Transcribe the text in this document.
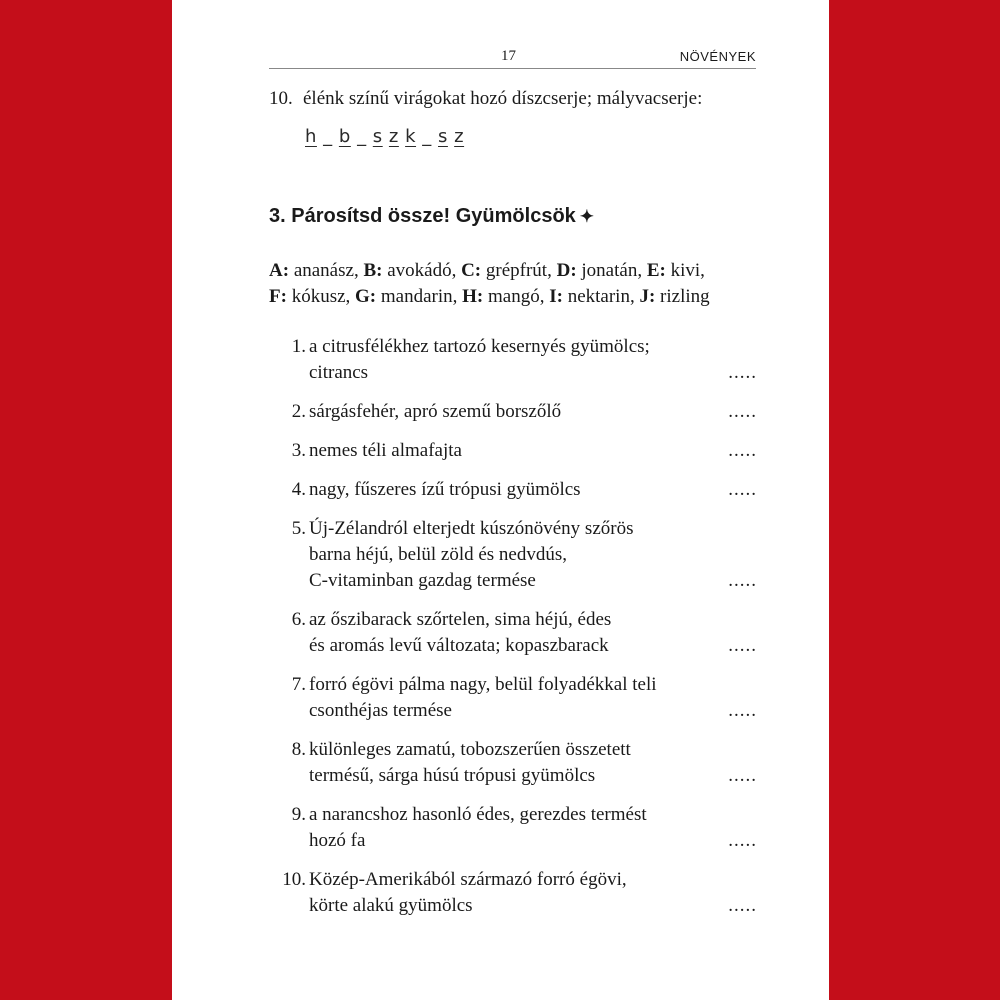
17	NÖVÉNYEK
10. élénk színű virágokat hozó díszcserje; mályvacserje:
h _ b _ s z k _ s z
3. Párosítsd össze! Gyümölcsök ✦
A: ananász, B: avokádó, C: grépfrút, D: jonatán, E: kivi,
F: kókusz, G: mandarin, H: mangó, I: nektarin, J: rizling
1. a citrusfélékhez tartozó kesernyés gyümölcs;
citrancs	.....
2. sárgásfehér, apró szemű borszőlő	.....
3. nemes téli almafajta	.....
4. nagy, fűszeres ízű trópusi gyümölcs	.....
5. Új-Zélandról elterjedt kúszónövény szőrös
barna héjú, belül zöld és nedvdús,
C-vitaminban gazdag termése	.....
6. az őszibarack szőrtelen, sima héjú, édes
és aromás levű változata; kopaszbarack	.....
7. forró égövi pálma nagy, belül folyadékkal teli
csonthéjas termése	.....
8. különleges zamatú, tobozszerűen összetett
termésű, sárga húsú trópusi gyümölcs	.....
9. a narancshoz hasonló édes, gerezdes termést
hozó fa	.....
10. Közép-Amerikából származó forró égövi,
körte alakú gyümölcs	.....
